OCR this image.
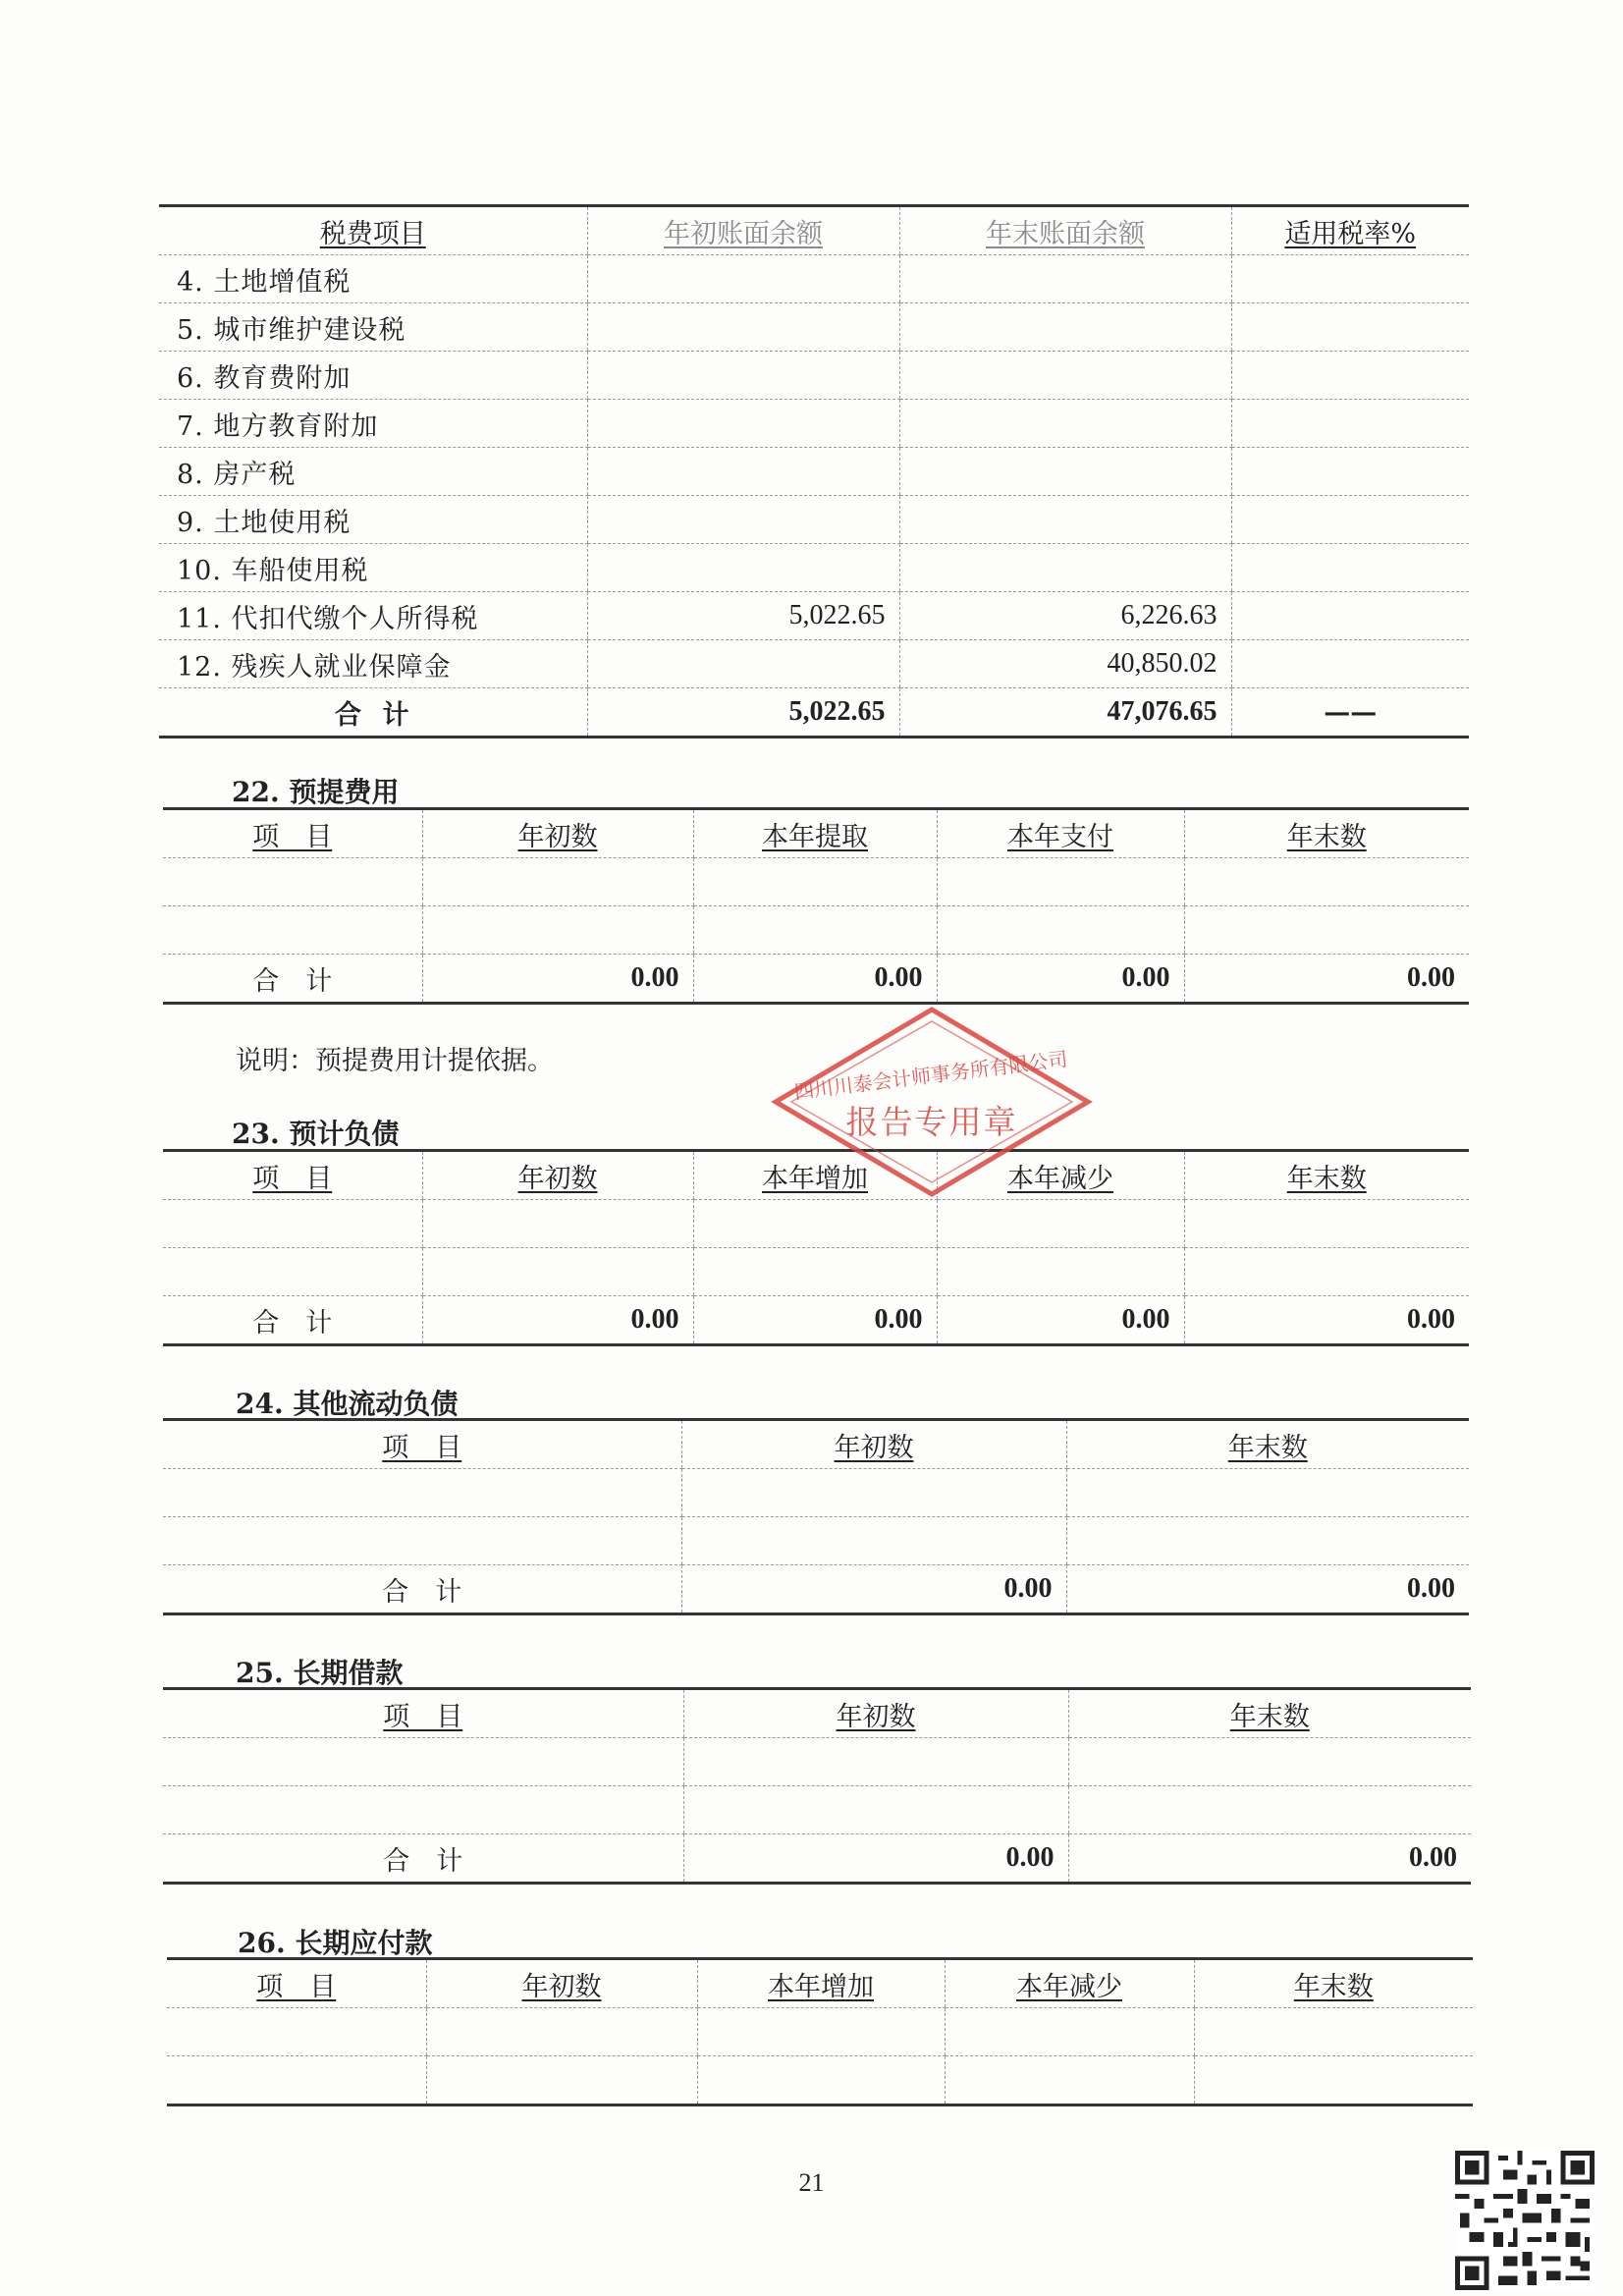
税费项目	年初账面余额	年末账面余额	适用税率%
4. 土地增值税			
5. 城市维护建设税			
6. 教育费附加			
7. 地方教育附加			
8. 房产税			
9. 土地使用税			
10. 车船使用税			
11. 代扣代缴个人所得税	5,022.65	6,226.63	
12. 残疾人就业保障金		40,850.02	
合 计	5,022.65	47,076.65	——
22. 预提费用
项　目	年初数	本年提取	本年支付	年末数

合　计	0.00	0.00	0.00	0.00
说明：预提费用计提依据。
23. 预计负债
项　目	年初数	本年增加	本年减少	年末数

合　计	0.00	0.00	0.00	0.00
24. 其他流动负债
项　目	年初数	年末数

合　计	0.00	0.00
25. 长期借款
项　目	年初数	年末数

合　计	0.00	0.00
26. 长期应付款
项　目	年初数	本年增加	本年减少	年末数

四川川泰会计师事务所有限公司
报告专用章
21
